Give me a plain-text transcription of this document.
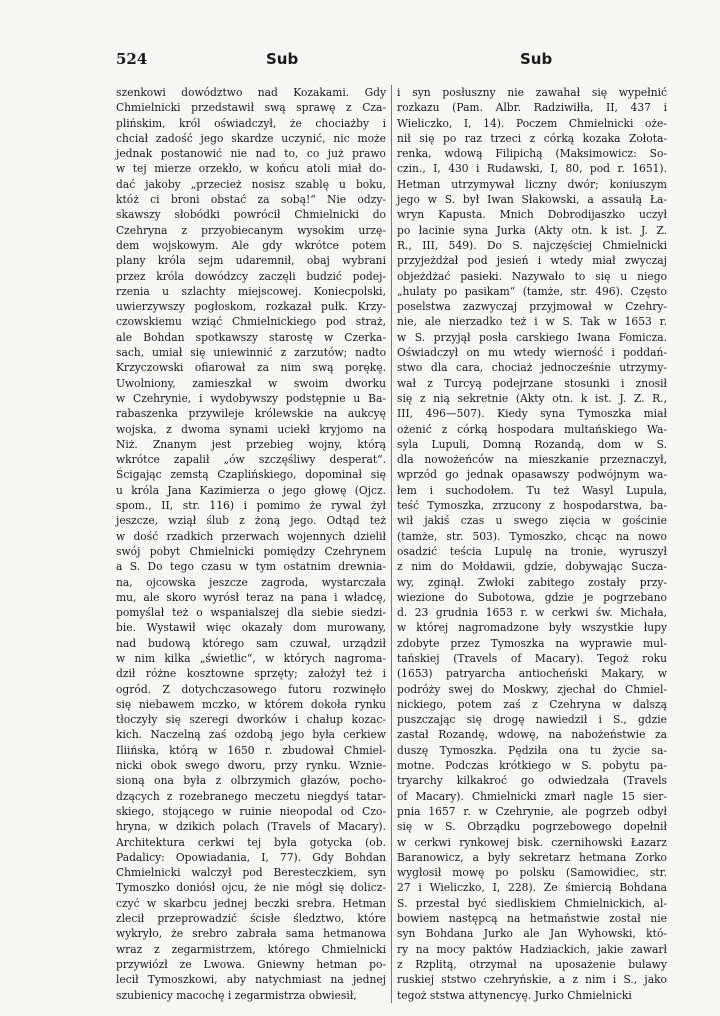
524	Sub	Sub
szenkowi dowództwo nad Kozakami. Gdy
Chmielnicki przedstawił swą sprawę z Cza-
plińskim, król oświadczył, że chociażby i
chciał zadość jego skardze uczynić, nic może
jednak postanowić nie nad to, co już prawo
w tej mierze orzekło, w końcu atoli miał do-
dać jakoby „przecież nosisz szablę u boku,
któż ci broni obstać za sobą!“ Nie odzy-
skawszy słobódki powrócił Chmielnicki do
Czehryna z przyobiecanym wysokim urzę-
dem wojskowym. Ale gdy wkrótce potem
plany króla sejm udaremnił, obaj wybrani
przez króla dowódzcy zaczęli budzić podej-
rzenia u szlachty miejscowej. Koniecpolski,
uwierzywszy pogłoskom, rozkazał pułk. Krzy-
czowskiemu wziąć Chmielnickiego pod straż,
ale Bohdan spotkawszy starostę w Czerka-
sach, umiał się uniewinnić z zarzutów; nadto
Krzyczowski ofiarował za nim swą porękę.
Uwolniony, zamieszkał w swoim dworku
w Czehrynie, i wydobywszy podstępnie u Ba-
rabaszenka przywileje królewskie na aukcyę
wojska, z dwoma synami uciekł kryjomo na
Niż. Znanym jest przebieg wojny, którą
wkrótce zapalił „ów szczęśliwy desperat“.
Ścigając zemstą Czaplińskiego, dopominał się
u króla Jana Kazimierza o jego głowę (Ojcz.
spom., II, str. 116) i pomimo że rywal żył
jeszcze, wziął ślub z żoną jego. Odtąd też
w dość rzadkich przerwach wojennych dzielił
swój pobyt Chmielnicki pomiędzy Czehrynem
a S. Do tego czasu w tym ostatnim drewnia-
na, ojcowska jeszcze zagroda, wystarczała
mu, ale skoro wyrósł teraz na pana i władcę,
pomyślał też o wspanialszej dla siebie siedzi-
bie. Wystawił więc okazały dom murowany,
nad budową którego sam czuwał, urządził
w nim kilka „świetlic“, w których nagroma-
dził różne kosztowne sprzęty; założył też i
ogród. Z dotychczasowego futoru rozwinęło
się niebawem mczko, w którem dokoła rynku
tłoczyły się szeregi dworków i chałup kozac-
kich. Naczelną zaś ozdobą jego była cerkiew
Iliińska, którą w 1650 r. zbudował Chmiel-
nicki obok swego dworu, przy rynku. Wznie-
sioną ona była z olbrzymich głazów, pocho-
dzących z rozebranego meczetu niegdyś tatar-
skiego, stojącego w ruinie nieopodal od Czo-
hryna, w dzikich polach (Travels of Macary).
Architektura cerkwi tej była gotycka (ob.
Padalicy: Opowiadania, I, 77). Gdy Bohdan
Chmielnicki walczył pod Beresteczkiem, syn
Tymoszko doniósł ojcu, że nie mógł się dolicz-
czyć w skarbcu jednej beczki srebra. Hetman
zlecił przeprowadzić ścisłe śledztwo, które
wykryło, że srebro zabrała sama hetmanowa
wraz z zegarmistrzem, którego Chmielnicki
przywiózł ze Lwowa. Gniewny hetman po-
lecił Tymoszkowi, aby natychmiast na jednej
szubienicy macochę i zegarmistrza obwiesił,
i syn posłuszny nie zawahał się wypełnić
rozkazu (Pam. Albr. Radziwiłła, II, 437 i
Wieliczko, I, 14). Poczem Chmielnicki oże-
nił się po raz trzeci z córką kozaka Zołota-
renka, wdową Filipichą (Maksimowicz: So-
czin., I, 430 i Rudawski, I, 80, pod r. 1651).
Hetman utrzymywał liczny dwór; koniuszym
jego w S. był Iwan Słakowski, a assaułą Ła-
wryn Kapusta. Mnich Dobrodijaszko uczył
po łacinie syna Jurka (Akty otn. k ist. J. Z.
R., III, 549). Do S. najczęściej Chmielnicki
przyjeżdżał pod jesień i wtedy miał zwyczaj
objeżdżać pasieki. Nazywało to się u niego
„hulaty po pasikam“ (tamże, str. 496). Często
poselstwa zazwyczaj przyjmował w Czehry-
nie, ale nierzadko też i w S. Tak w 1653 r.
w S. przyjął posła carskiego Iwana Fomicza.
Oświadczył on mu wtedy wierność i poddań-
stwo dla cara, chociaż jednocześnie utrzymy-
wał z Turcyą podejrzane stosunki i znosił
się z nią sekretnie (Akty otn. k ist. J. Z. R.,
III, 496—507). Kiedy syna Tymoszka miał
ożenić z córką hospodara multańskiego Wa-
syla Lupuli, Domną Rozandą, dom w S.
dla nowożeńców na mieszkanie przeznaczył,
wprzód go jednak opasawszy podwójnym wa-
łem i suchodołem. Tu też Wasyl Lupula,
teść Tymoszka, zrzucony z hospodarstwa, ba-
wił jakiś czas u swego zięcia w gościnie
(tamże, str. 503). Tymoszko, chcąc na nowo
osadzić teścia Lupulę na tronie, wyruszył
z nim do Mołdawii, gdzie, dobywając Sucza-
wy, zginął. Zwłoki zabitego zostały przy-
wiezione do Subotowa, gdzie je pogrzebano
d. 23 grudnia 1653 r. w cerkwi św. Michała,
w której nagromadzone były wszystkie łupy
zdobyte przez Tymoszka na wyprawie mul-
tańskiej (Travels of Macary). Tegoż roku
(1653) patryarcha antiocheński Makary, w
podróży swej do Moskwy, zjechał do Chmiel-
nickiego, potem zaś z Czehryna w dalszą
puszczając się drogę nawiedził i S., gdzie
zastał Rozandę, wdowę, na nabożeństwie za
duszę Tymoszka. Pędziła ona tu życie sa-
motne. Podczas krótkiego w S. pobytu pa-
tryarchy kilkakroć go odwiedzała (Travels
of Macary). Chmielnicki zmarł nagle 15 sier-
pnia 1657 r. w Czehrynie, ale pogrzeb odbył
się w S. Obrządku pogrzebowego dopełnił
w cerkwi rynkowej bisk. czernihowski Łazarz
Baranowicz, a były sekretarz hetmana Zorko
wygłosił mowę po polsku (Samowidiec, str.
27 i Wieliczko, I, 228). Ze śmiercią Bohdana
S. przestał być siedliskiem Chmielnickich, al-
bowiem następcą na hetmaństwie został nie
syn Bohdana Jurko ale Jan Wyhowski, któ-
ry na mocy paktów Hadziackich, jakie zawarł
z Rzplitą, otrzymał na uposażenie bulawy
ruskiej ststwo czehryńskie, a z nim i S., jako
tegoż ststwa attynencyę. Jurko Chmielnicki
